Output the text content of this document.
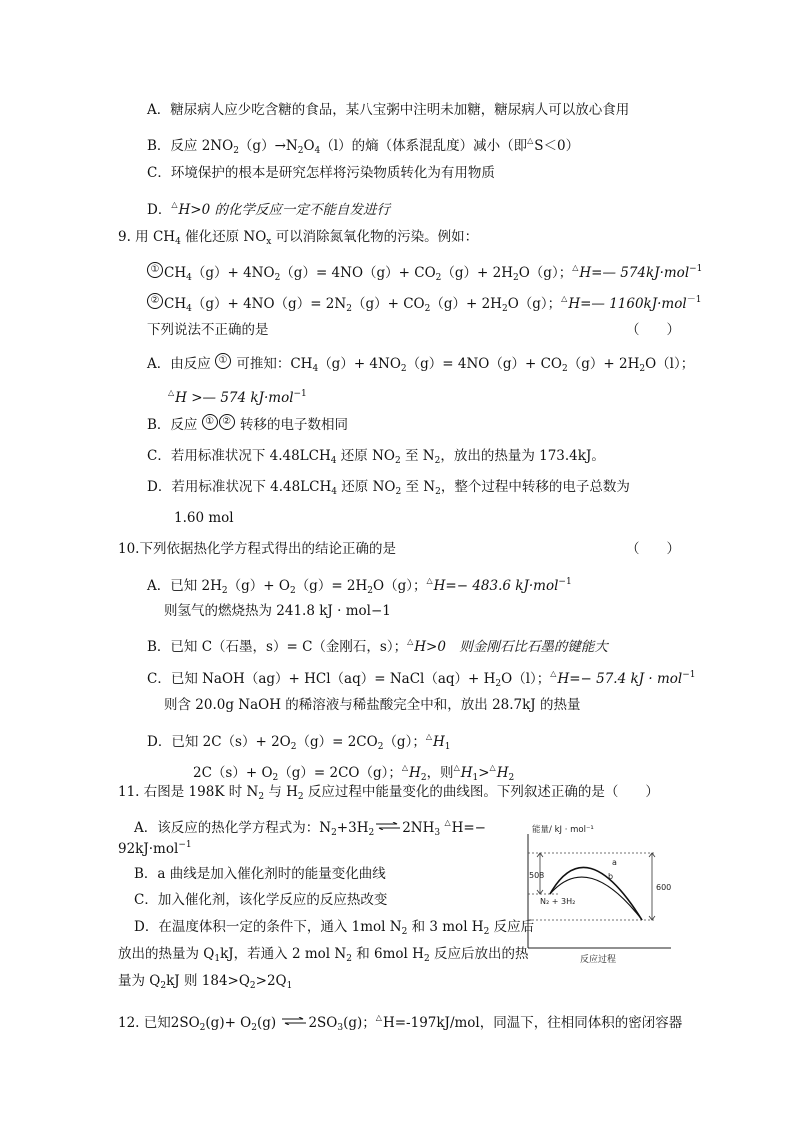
A．糖尿病人应少吃含糖的食品，某八宝粥中注明未加糖，糖尿病人可以放心食用
B．反应 $2NO_2(g)\to N_2O_4(l)$的熵（体系混乱度）减小（即△S＜0）
C．环境保护的根本是研究怎样将污染物质转化为有用物质
D．△H>0 的化学反应一定不能自发进行
9. 用 $CH_4$ 催化还原 $NO_x$ 可以消除氮氧化物的污染。例如：
① $CH_4(g)+ 4NO_2(g)= 4NO(g)+ CO_2(g)+ 2H_2O(g)$；△H=— 574kJ·mol$^{-1}$
② $CH_4(g)+ 4NO(g)= 2N_2(g)+ CO_2(g)+ 2H_2O(g)$；△H=— 1160kJ·mol$^{-1}$
下列说法不正确的是	（　　）
A．由反应 ① 可推知：$CH_4(g)+ 4NO_2(g)= 4NO(g)+ CO_2(g)+ 2H_2O(l)$；
△H >— 574 kJ·mol$^{-1}$
B．反应 ① ② 转移的电子数相同
C．若用标准状况下 $4.48LCH_4$ 还原 $NO_2$ 至 $N_2$，放出的热量为 173.4kJ。
D．若用标准状况下 $4.48LCH_4$ 还原 $NO_2$ 至 $N_2$，整个过程中转移的电子总数为
1.60 mol
10.下列依据热化学方程式得出的结论正确的是	（　　）
A．已知 $2H_2(g)+ O_2(g)= 2H_2O(g)$；△H=− 483.6 kJ·mol$^{-1}$
则氢气的燃烧热为 241.8 kJ · mol−1
B．已知 C（石墨，s）= C（金刚石，s）；△H>0　则金刚石比石墨的键能大
C．已知 NaOH（ag）+ HCl（aq）= NaCl（aq）+ $H_2O(l)$；△H=− 57.4 kJ · mol$^{-1}$
则含 20.0g NaOH 的稀溶液与稀盐酸完全中和，放出 28.7kJ 的热量
D．已知 $2C(s)+ 2O_2(g)= 2CO_2(g)$；$^\triangle H_1$
$2C(s)+ O_2(g)= 2CO(g)$；$^\triangle H_2$，则$^\triangle H_1>^\triangle H_2$
11. 右图是 198K 时 $N_2$ 与 $H_2$ 反应过程中能量变化的曲线图。下列叙述正确的是（　　）
A．该反应的热化学方程式为：$N_2+3H_2$ ⇌ $2NH_3$ △H=−
92kJ·mol$^{-1}$
B．a 曲线是加入催化剂时的能量变化曲线
C．加入催化剂，该化学反应的反应热改变
D．在温度体积一定的条件下，通入 1mol $N_2$ 和 3 mol $H_2$ 反应后
放出的热量为 $Q_1kJ$，若通入 2 mol $N_2$ 和 6mol $H_2$ 反应后放出的热
量为 $Q_2kJ$ 则 $184>Q_2>2Q_1$
能量/ kJ · mol⁻¹
反应过程
508
600
a
b
N₂ + 3H₂
12. 已知$2SO_2(g)+ O_2(g)$ ⇌ $2SO_3(g)$；△H=-197kJ/mol，同温下，往相同体积的密闭容器
